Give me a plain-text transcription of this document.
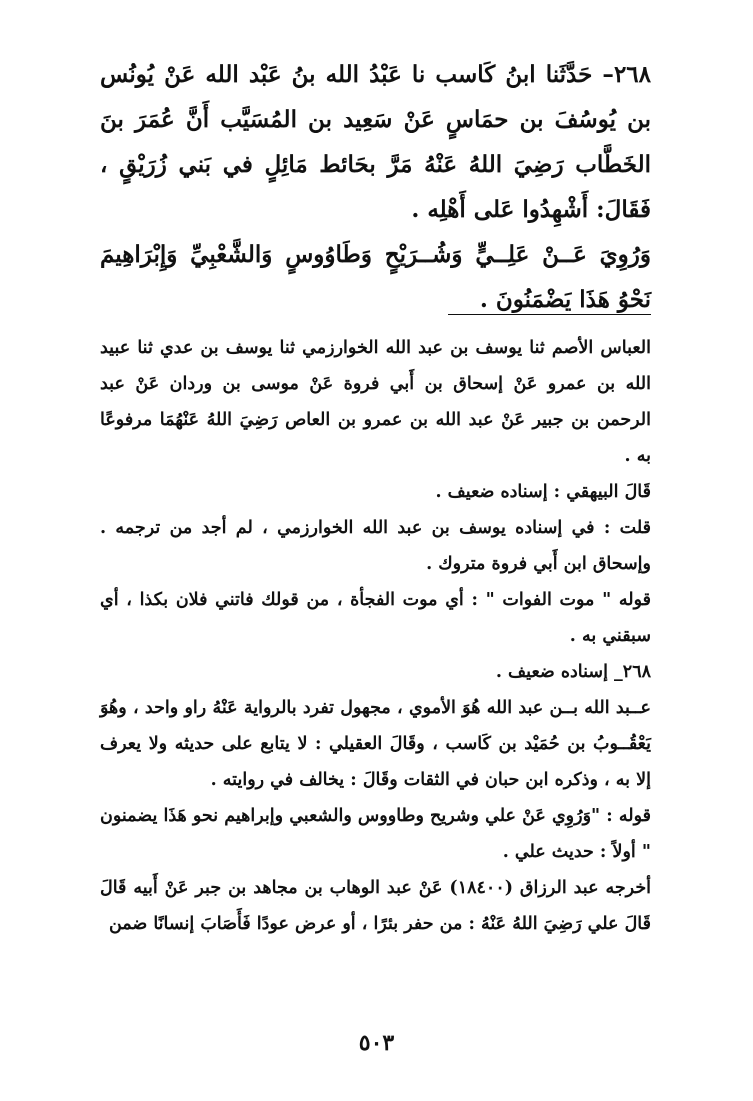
٢٦٨– حَدَّثَنا ابنُ كَاسب نا عَبْدُ الله بنُ عَبْد الله عَنْ يُونُس بن يُوسُفَ بن حمَاسٍ عَنْ سَعِيد بن المُسَيَّب أَنَّ عُمَرَ بنَ الخَطَّاب رَضِيَ اللهُ عَنْهُ مَرَّ بحَائط مَائِلٍ في بَني زُرَيْقٍ ، فَقَالَ: أَشْهِدُوا عَلى أَهْلِه .

وَرُوِيَ عَــنْ عَلِــيٍّ وَشُــرَيْحٍ وَطَاوُوسٍ وَالشَّعْبِيِّ وَإِبْرَاهِيمَ نَحْوُ هَذَا يَضْمَنُونَ .

العباس الأصم ثنا يوسف بن عبد الله الخوارزمي ثنا يوسف بن عدي ثنا عبيد الله بن عمرو عَنْ إسحاق بن أَبي فروة عَنْ موسى بن وردان عَنْ عبد الرحمن بن جبير عَنْ عبد الله بن عمرو بن العاص رَضِيَ اللهُ عَنْهُمَا مرفوعًا به .

قَالَ البيهقي : إسناده ضعيف .

قلت : في إسناده يوسف بن عبد الله الخوارزمي ، لم أجد من ترجمه . وإسحاق ابن أَبي فروة متروك .

قوله " موت الفوات " : أي موت الفجأة ، من قولك فاتني فلان بكذا ، أي سبقني به .

٢٦٨_ إسناده ضعيف .

عــبد الله بــن عبد الله هُوَ الأموي ، مجهول تفرد بالرواية عَنْهُ راو واحد ، وهُوَ يَعْقُــوبُ بن حُمَيْد بن كَاسب ، وقَالَ العقيلي : لا يتابع على حديثه ولا يعرف إلا به ، وذكره ابن حبان في الثقات وقَالَ : يخالف في روايته .

قوله : "وَرُوِي عَنْ علي وشريح وطاووس والشعبي وإبراهيم نحو هَذَا يضمنون " أولاً : حديث علي .

أخرجه عبد الرزاق (١٨٤٠٠) عَنْ عبد الوهاب بن مجاهد بن جبر عَنْ أَبيه قَالَ قَالَ علي رَضِيَ اللهُ عَنْهُ : من حفر بئرًا ، أو عرض عودًا فَأَصَابَ إنسانًا ضمن

٥٠٣
